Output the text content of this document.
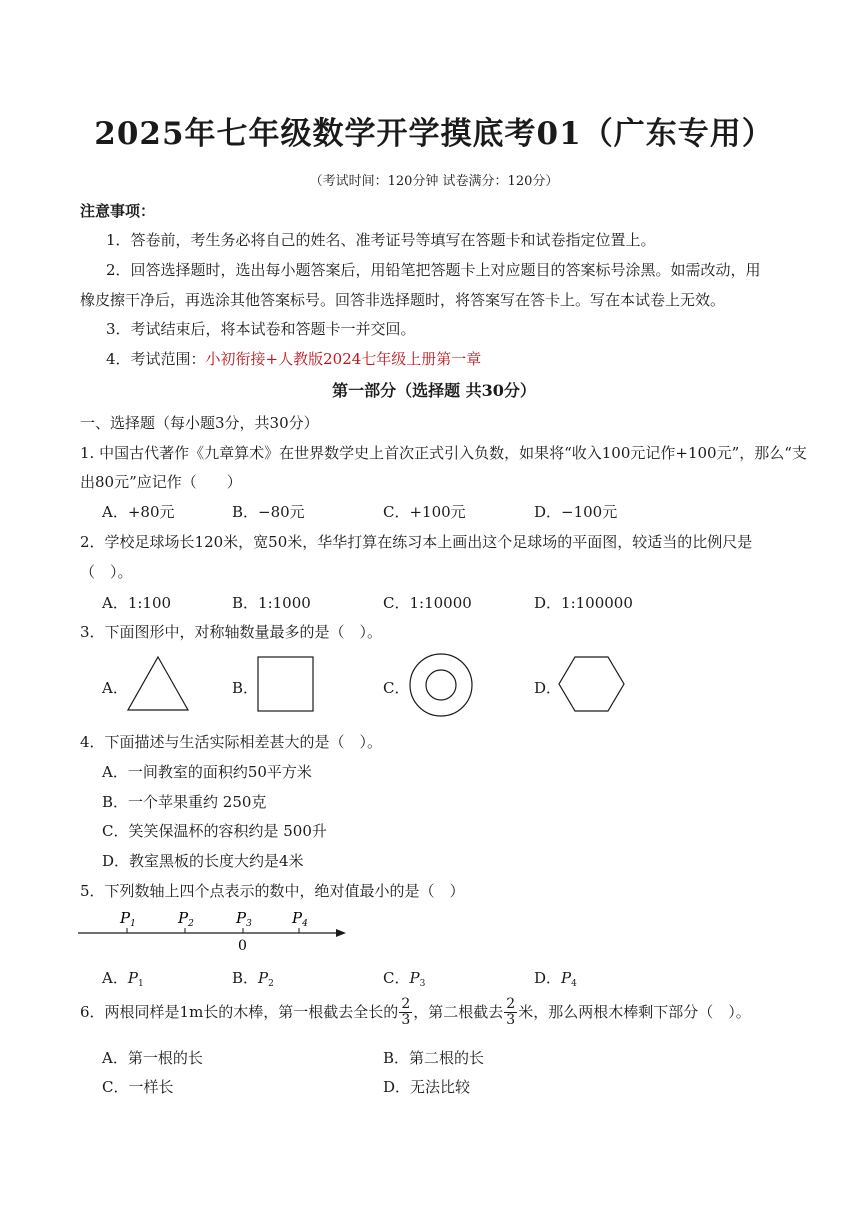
2025年七年级数学开学摸底考01（广东专用）
（考试时间：120分钟 试卷满分：120分）
注意事项：
1．答卷前，考生务必将自己的姓名、准考证号等填写在答题卡和试卷指定位置上。
2．回答选择题时，选出每小题答案后，用铅笔把答题卡上对应题目的答案标号涂黑。如需改动，用
橡皮擦干净后，再选涂其他答案标号。回答非选择题时，将答案写在答卡上。写在本试卷上无效。
3．考试结束后，将本试卷和答题卡一并交回。
4．考试范围：小初衔接+人教版2024七年级上册第一章
第一部分（选择题 共30分）
一、选择题（每小题3分，共30分）
1. 中国古代著作《九章算术》在世界数学史上首次正式引入负数，如果将“收入100元记作+100元”，那么“支
出80元”应记作（　　）
A．+80元	B．−80元	C．+100元	D．−100元
2．学校足球场长120米，宽50米，华华打算在练习本上画出这个足球场的平面图，较适当的比例尺是
（　）。
A．1:100	B．1:1000	C．1:10000	D．1:100000
3．下面图形中，对称轴数量最多的是（　）。
A．	B．	C．	D．
4．下面描述与生活实际相差甚大的是（　）。
A．一间教室的面积约50平方米
B．一个苹果重约 250克
C．笑笑保温杯的容积约是 500升
D．教室黑板的长度大约是4米
5．下列数轴上四个点表示的数中，绝对值最小的是（　）
$P_1$	$P_2$	$P_3$	$P_4$
0
A．$P_1$	B．$P_2$	C．$P_3$	D．$P_4$
6．两根同样是1m长的木棒，第一根截去全长的 $\frac{2}{3}$ ，第二根截去 $\frac{2}{3}$ 米，那么两根木棒剩下部分（　）。
A．第一根的长	B．第二根的长
C．一样长	D．无法比较
